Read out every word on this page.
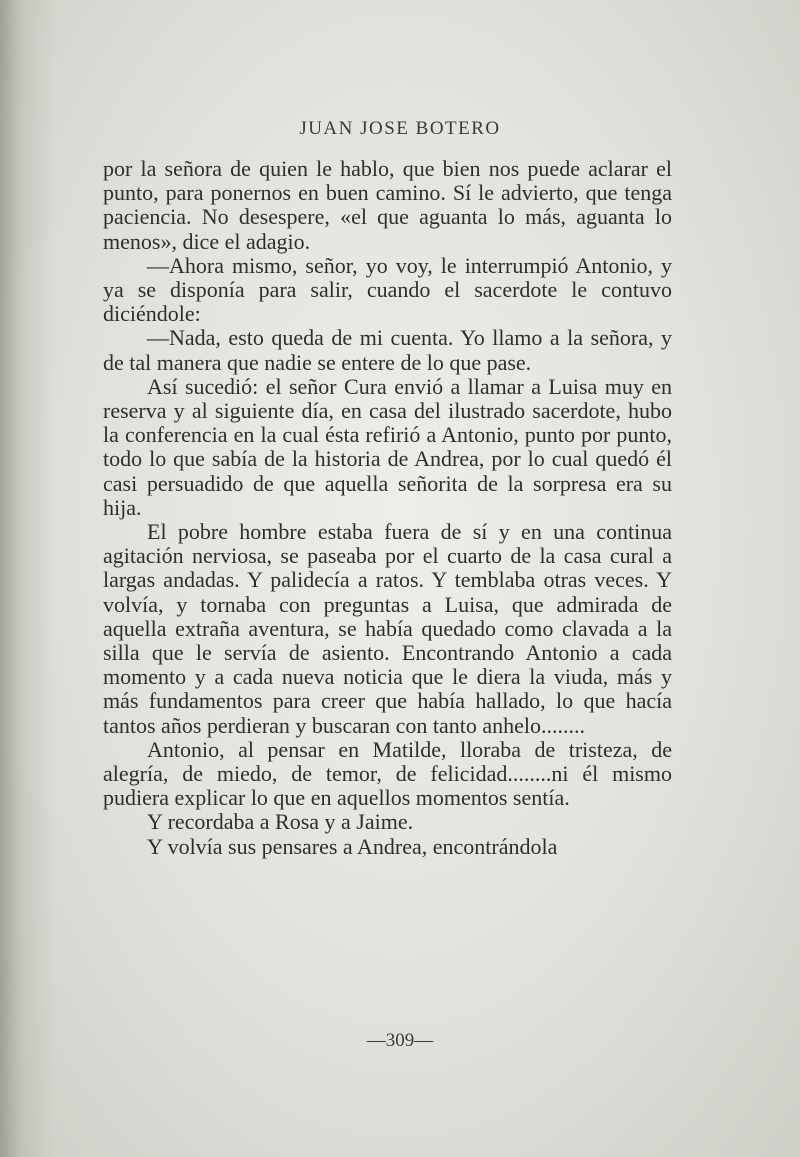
JUAN JOSE BOTERO

por la señora de quien le hablo, que bien nos puede aclarar el punto, para ponernos en buen camino. Sí le advierto, que tenga paciencia. No desespere, «el que aguanta lo más, aguanta lo menos», dice el adagio.

—Ahora mismo, señor, yo voy, le interrumpió Antonio, y ya se disponía para salir, cuando el sacerdote le contuvo diciéndole:

—Nada, esto queda de mi cuenta. Yo llamo a la señora, y de tal manera que nadie se entere de lo que pase.

Así sucedió: el señor Cura envió a llamar a Luisa muy en reserva y al siguiente día, en casa del ilustrado sacerdote, hubo la conferencia en la cual ésta refirió a Antonio, punto por punto, todo lo que sabía de la historia de Andrea, por lo cual quedó él casi persuadido de que aquella señorita de la sorpresa era su hija.

El pobre hombre estaba fuera de sí y en una continua agitación nerviosa, se paseaba por el cuarto de la casa cural a largas andadas. Y palidecía a ratos. Y temblaba otras veces. Y volvía, y tornaba con preguntas a Luisa, que admirada de aquella extraña aventura, se había quedado como clavada a la silla que le servía de asiento. Encontrando Antonio a cada momento y a cada nueva noticia que le diera la viuda, más y más fundamentos para creer que había hallado, lo que hacía tantos años perdieran y buscaran con tanto anhelo........

Antonio, al pensar en Matilde, lloraba de tristeza, de alegría, de miedo, de temor, de felicidad........ni él mismo pudiera explicar lo que en aquellos momentos sentía.

Y recordaba a Rosa y a Jaime.

Y volvía sus pensares a Andrea, encontrándola

—309—
